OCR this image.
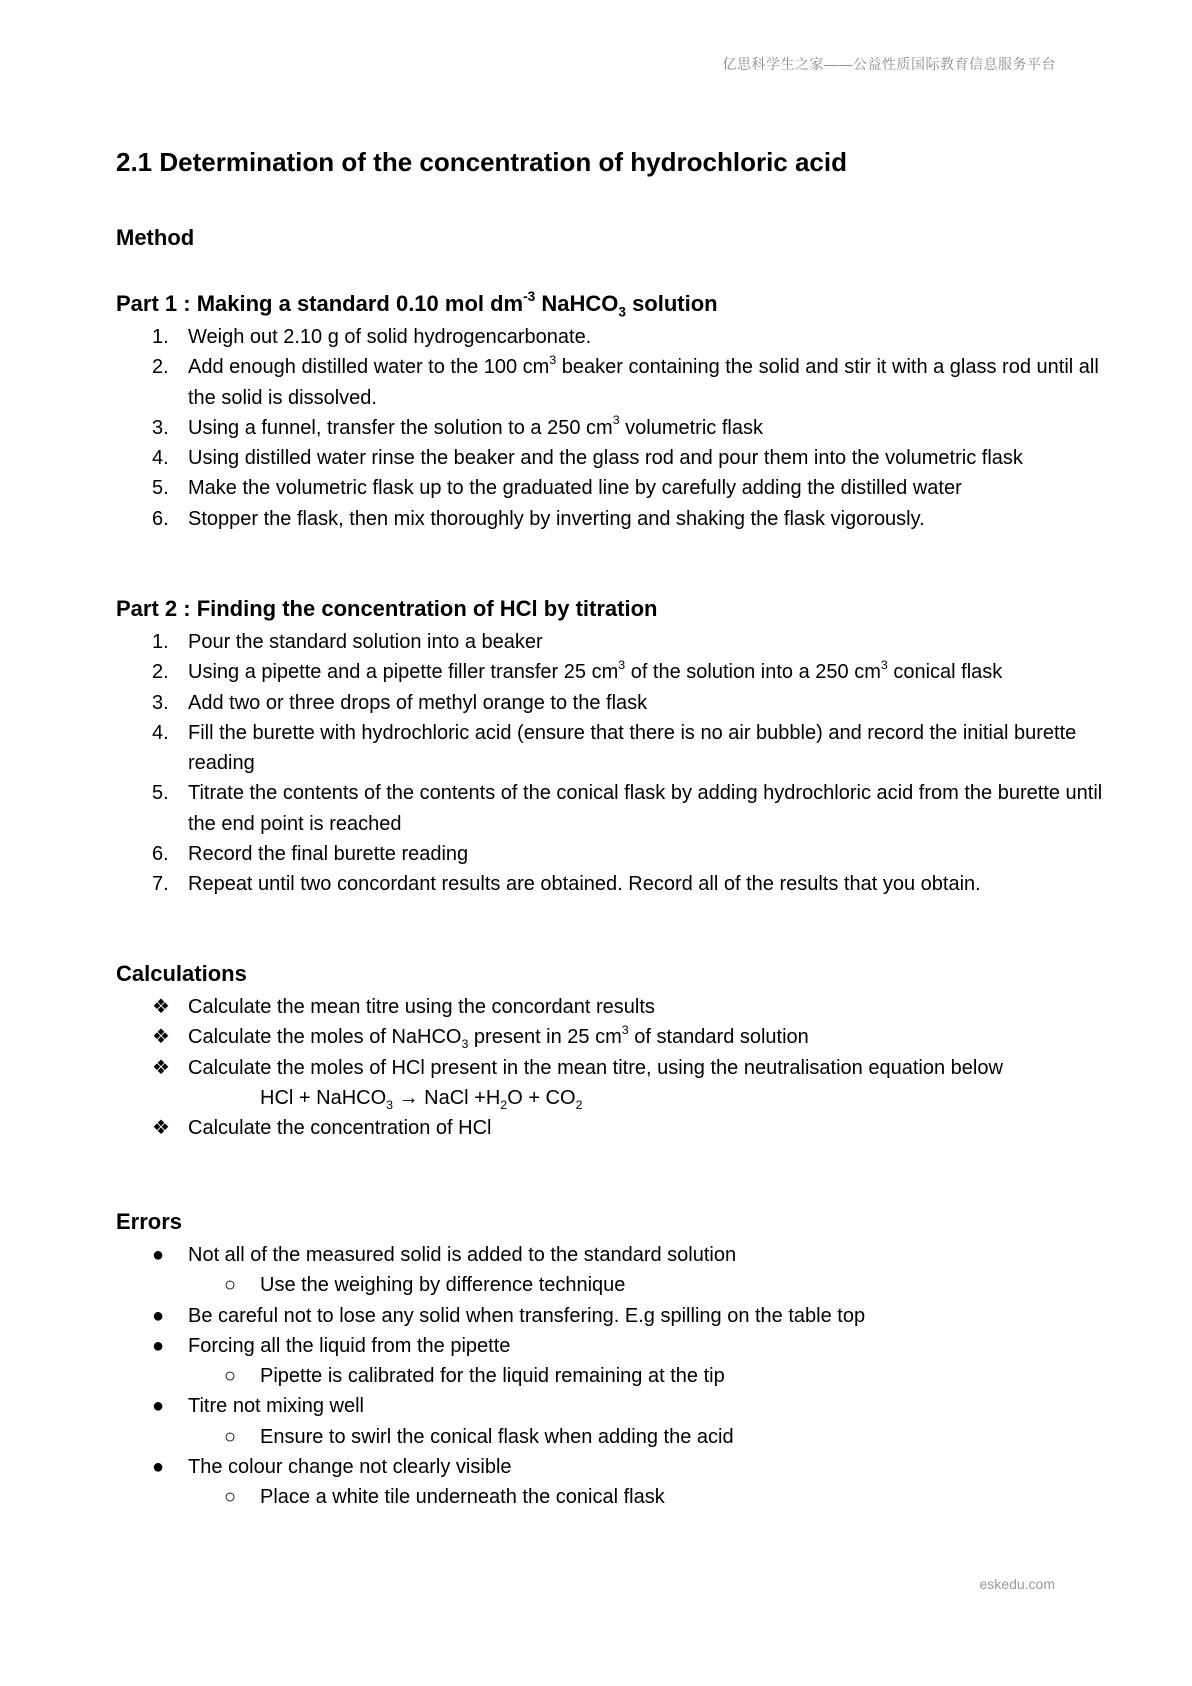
亿思科学生之家——公益性质国际教育信息服务平台
2.1 Determination of the concentration of hydrochloric acid
Method
Part 1 : Making a standard 0.10 mol $dm^{-3}$ NaHCO$_3$ solution
1. Weigh out 2.10 g of solid hydrogencarbonate.
2. Add enough distilled water to the 100 $cm^3$ beaker containing the solid and stir it with a glass rod until all the solid is dissolved.
3. Using a funnel, transfer the solution to a 250 $cm^3$ volumetric flask
4. Using distilled water rinse the beaker and the glass rod and pour them into the volumetric flask
5. Make the volumetric flask up to the graduated line by carefully adding the distilled water
6. Stopper the flask, then mix thoroughly by inverting and shaking the flask vigorously.
Part 2 : Finding the concentration of HCl by titration
1. Pour the standard solution into a beaker
2. Using a pipette and a pipette filler transfer 25 $cm^3$ of the solution into a 250 $cm^3$ conical flask
3. Add two or three drops of methyl orange to the flask
4. Fill the burette with hydrochloric acid (ensure that there is no air bubble) and record the initial burette reading
5. Titrate the contents of the contents of the conical flask by adding hydrochloric acid from the burette until the end point is reached
6. Record the final burette reading
7. Repeat until two concordant results are obtained. Record all of the results that you obtain.
Calculations
❖ Calculate the mean titre using the concordant results
❖ Calculate the moles of NaHCO$_3$ present in 25 $cm^3$ of standard solution
❖ Calculate the moles of HCl present in the mean titre, using the neutralisation equation below
HCl + NaHCO$_3$ → NaCl $+H_2O + CO_2$
❖ Calculate the concentration of HCl
Errors
● Not all of the measured solid is added to the standard solution
○ Use the weighing by difference technique
● Be careful not to lose any solid when transfering. E.g spilling on the table top
● Forcing all the liquid from the pipette
○ Pipette is calibrated for the liquid remaining at the tip
● Titre not mixing well
○ Ensure to swirl the conical flask when adding the acid
● The colour change not clearly visible
○ Place a white tile underneath the conical flask
eskedu.com
